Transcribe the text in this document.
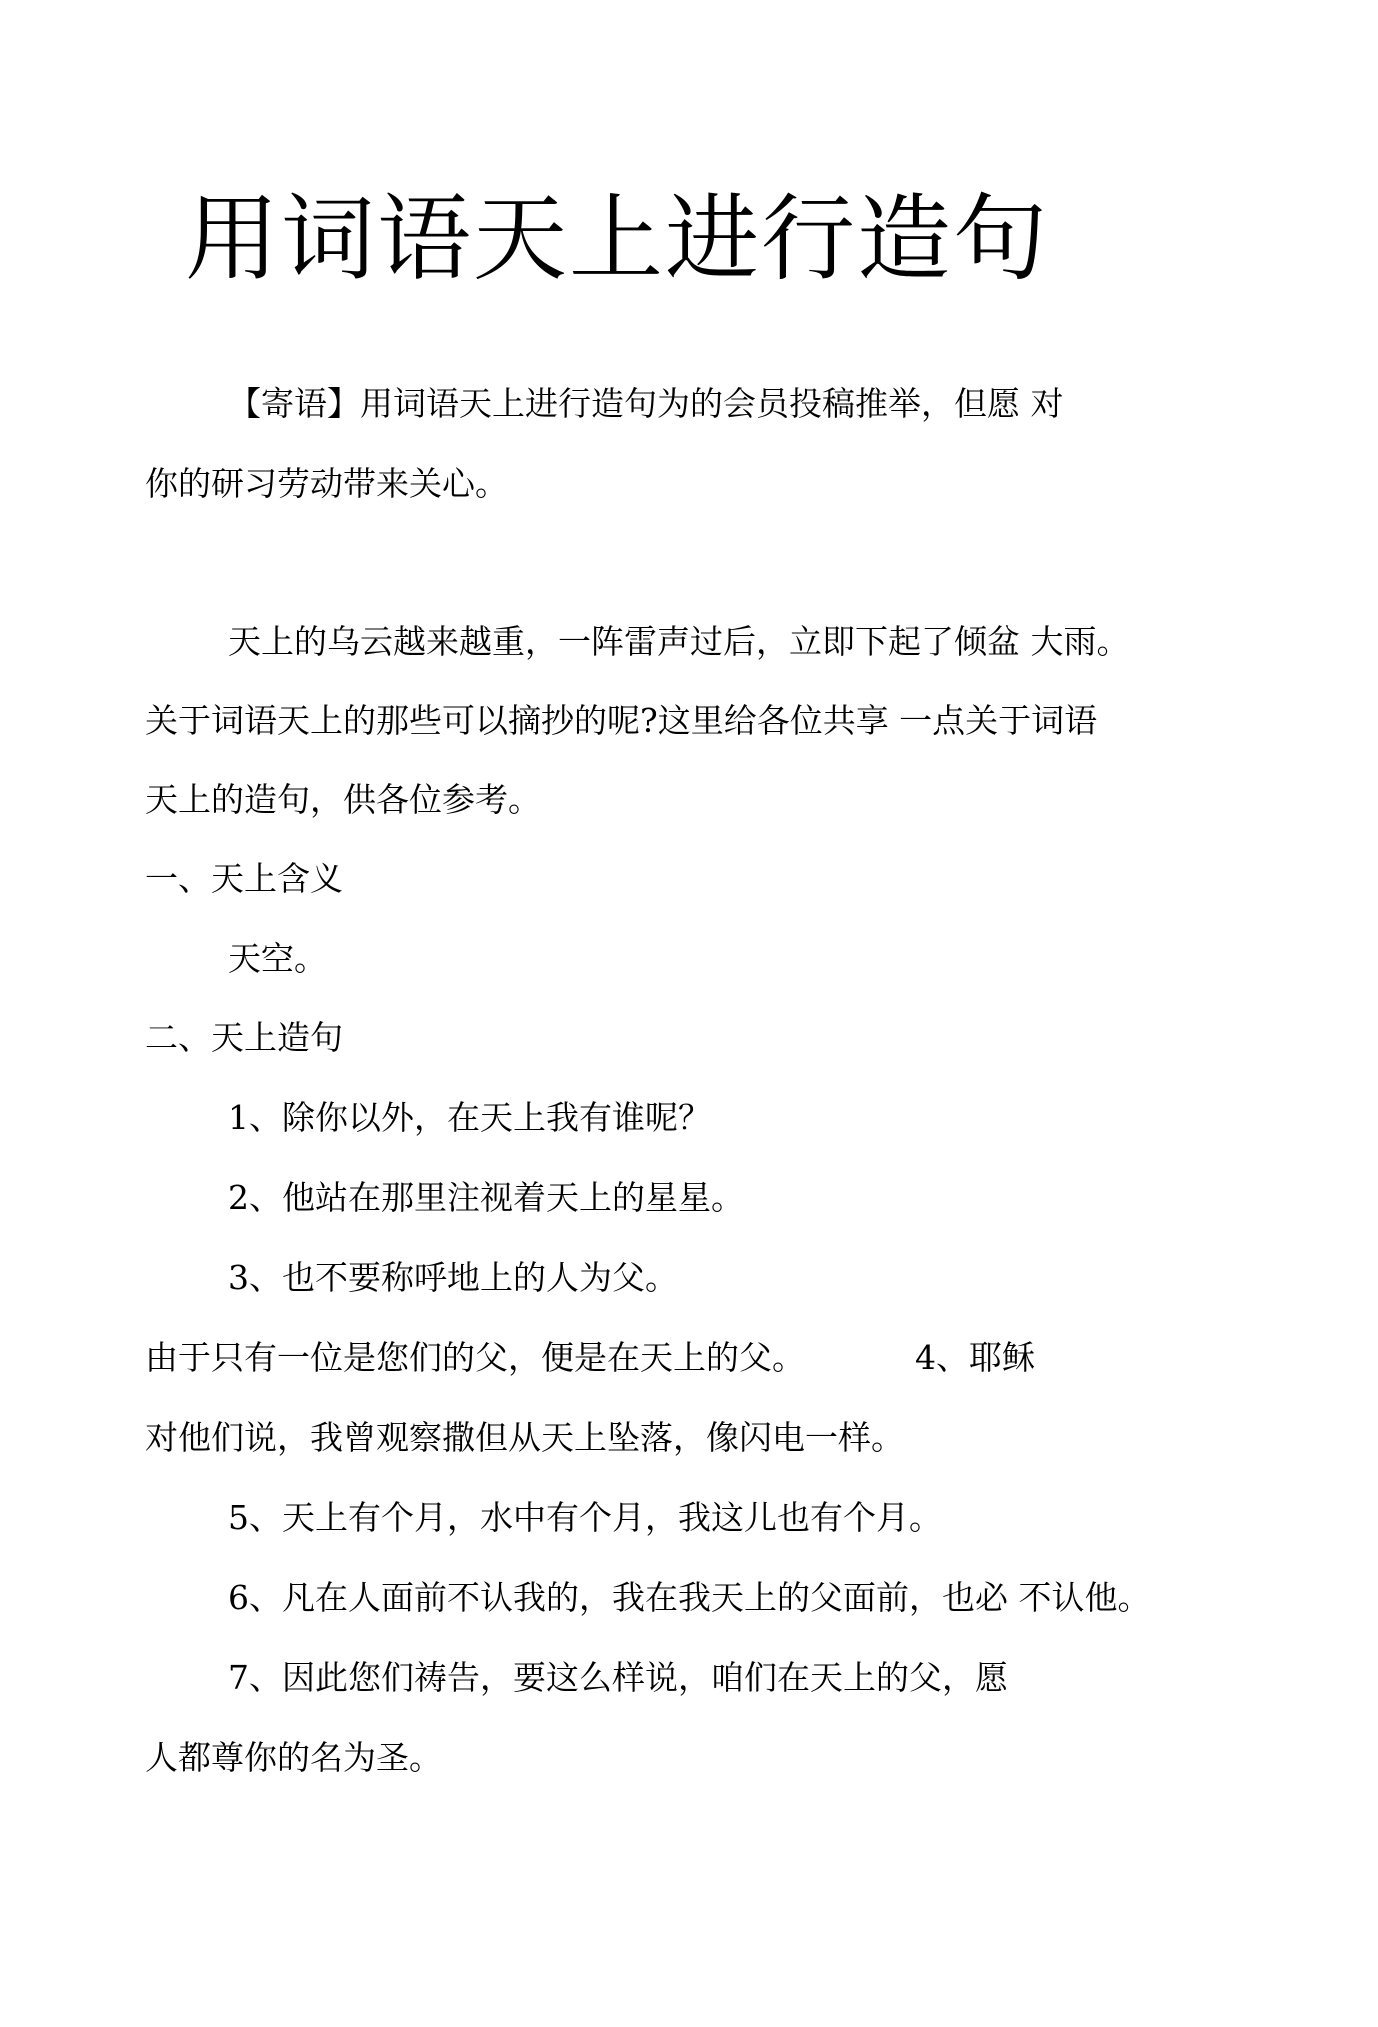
用词语天上进行造句

【寄语】用词语天上进行造句为的会员投稿推举，但愿 对

你的研习劳动带来关心。

天上的乌云越来越重，一阵雷声过后，立即下起了倾盆 大雨。

关于词语天上的那些可以摘抄的呢?这里给各位共享 一点关于词语

天上的造句，供各位参考。

一、天上含义

天空。

二、天上造句

1、除你以外，在天上我有谁呢？

2、他站在那里注视着天上的星星。

3、也不要称呼地上的人为父。

由于只有一位是您们的父，便是在天上的父。	4、耶稣

对他们说，我曾观察撒但从天上坠落，像闪电一样。

5、天上有个月，水中有个月，我这儿也有个月。

6、凡在人面前不认我的，我在我天上的父面前，也必 不认他。

7、因此您们祷告，要这么样说，咱们在天上的父，愿

人都尊你的名为圣。
